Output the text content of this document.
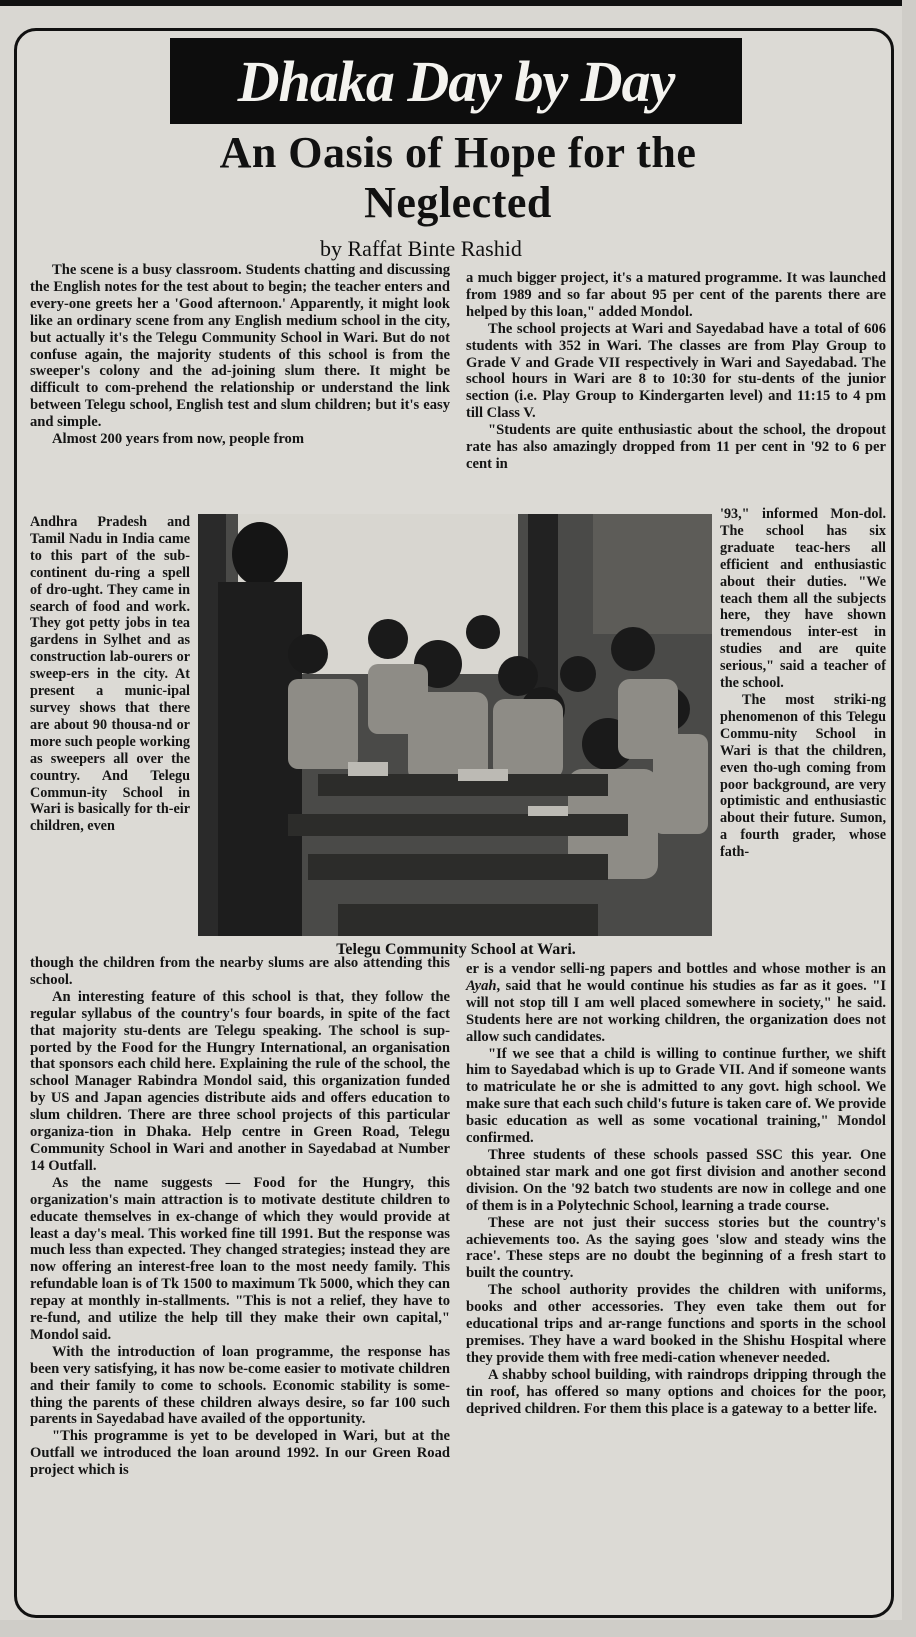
Dhaka Day by Day
An Oasis of Hope for the
Neglected
by Raffat Binte Rashid

The scene is a busy classroom. Students chatting and discussing the English notes for the test about to begin; the teacher enters and every-one greets her a 'Good afternoon.' Apparently, it might look like an ordinary scene from any English medium school in the city, but actually it's the Telegu Community School in Wari. But do not confuse again, the majority students of this school is from the sweeper's colony and the ad-joining slum there. It might be difficult to com-prehend the relationship or understand the link between Telegu school, English test and slum children; but it's easy and simple.

Almost 200 years from now, people from

Andhra Pradesh and Tamil Nadu in India came to this part of the sub-continent du-ring a spell of dro-ught. They came in search of food and work. They got petty jobs in tea gardens in Sylhet and as construction lab-ourers or sweep-ers in the city. At present a munic-ipal survey shows that there are about 90 thousa-nd or more such people working as sweepers all over the country. And Telegu Commun-ity School in Wari is basically for th-eir children, even

Telegu Community School at Wari.

though the children from the nearby slums are also attending this school.

An interesting feature of this school is that, they follow the regular syllabus of the country's four boards, in spite of the fact that majority stu-dents are Telegu speaking. The school is sup-ported by the Food for the Hungry International, an organisation that sponsors each child here. Explaining the rule of the school, the school Manager Rabindra Mondol said, this organization funded by US and Japan agencies distribute aids and offers education to slum children. There are three school projects of this particular organiza-tion in Dhaka. Help centre in Green Road, Telegu Community School in Wari and another in Sayedabad at Number 14 Outfall.

As the name suggests — Food for the Hungry, this organization's main attraction is to motivate destitute children to educate themselves in ex-change of which they would provide at least a day's meal. This worked fine till 1991. But the response was much less than expected. They changed strategies; instead they are now offering an interest-free loan to the most needy family. This refundable loan is of Tk 1500 to maximum Tk 5000, which they can repay at monthly in-stallments. "This is not a relief, they have to re-fund, and utilize the help till they make their own capital," Mondol said.

With the introduction of loan programme, the response has been very satisfying, it has now be-come easier to motivate children and their family to come to schools. Economic stability is some-thing the parents of these children always desire, so far 100 such parents in Sayedabad have availed of the opportunity.

"This programme is yet to be developed in Wari, but at the Outfall we introduced the loan around 1992. In our Green Road project which is

a much bigger project, it's a matured programme. It was launched from 1989 and so far about 95 per cent of the parents there are helped by this loan," added Mondol.

The school projects at Wari and Sayedabad have a total of 606 students with 352 in Wari. The classes are from Play Group to Grade V and Grade VII respectively in Wari and Sayedabad. The school hours in Wari are 8 to 10:30 for stu-dents of the junior section (i.e. Play Group to Kindergarten level) and 11:15 to 4 pm till Class V.

"Students are quite enthusiastic about the school, the dropout rate has also amazingly dropped from 11 per cent in '92 to 6 per cent in

'93," informed Mon-dol. The school has six graduate teac-hers all efficient and enthusiastic about their duties. "We teach them all the subjects here, they have shown tremendous inter-est in studies and are quite serious," said a teacher of the school.

The most striki-ng phenomenon of this Telegu Commu-nity School in Wari is that the children, even tho-ugh coming from poor background, are very optimistic and enthusiastic about their future. Sumon, a fourth grader, whose fath-

er is a vendor selli-ng papers and bottles and whose mother is an Ayah, said that he would continue his studies as far as it goes. "I will not stop till I am well placed somewhere in society," he said. Students here are not working children, the organization does not allow such candidates.

"If we see that a child is willing to continue further, we shift him to Sayedabad which is up to Grade VII. And if someone wants to matriculate he or she is admitted to any govt. high school. We make sure that each such child's future is taken care of. We provide basic education as well as some vocational training," Mondol confirmed.

Three students of these schools passed SSC this year. One obtained star mark and one got first division and another second division. On the '92 batch two students are now in college and one of them is in a Polytechnic School, learning a trade course.

These are not just their success stories but the country's achievements too. As the saying goes 'slow and steady wins the race'. These steps are no doubt the beginning of a fresh start to built the country.

The school authority provides the children with uniforms, books and other accessories. They even take them out for educational trips and ar-range functions and sports in the school premises. They have a ward booked in the Shishu Hospital where they provide them with free medi-cation whenever needed.

A shabby school building, with raindrops dripping through the tin roof, has offered so many options and choices for the poor, deprived children. For them this place is a gateway to a better life.
